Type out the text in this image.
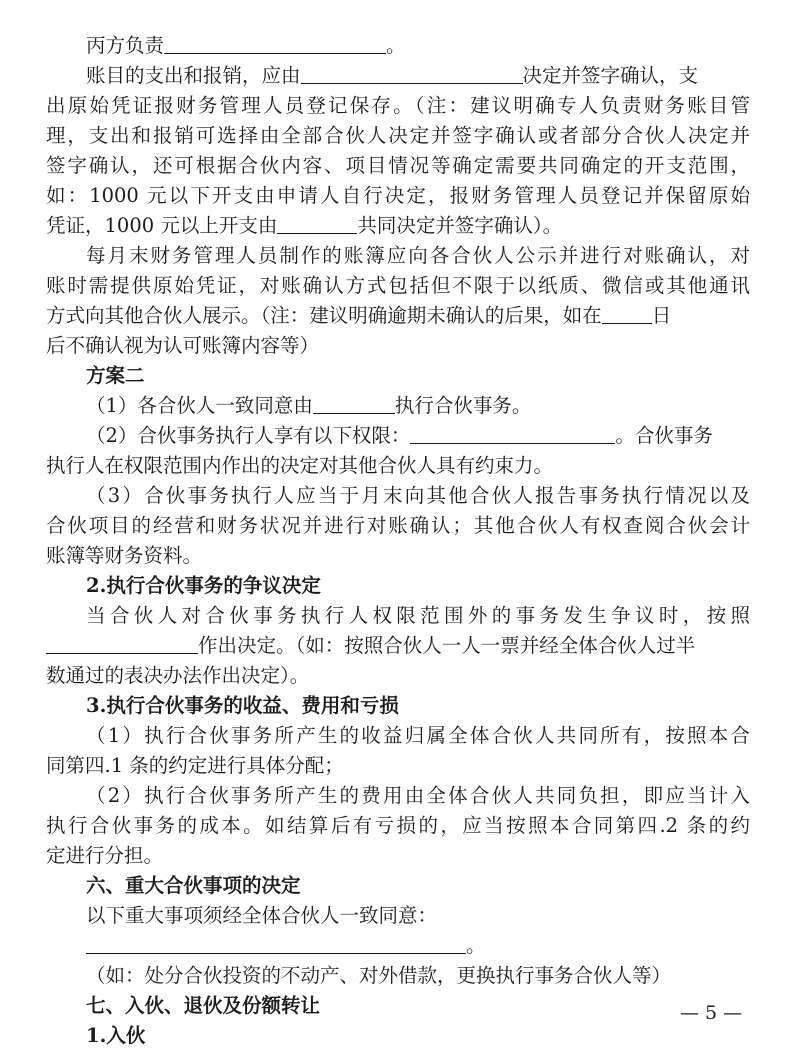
丙方负责	。
账目的支出和报销，应由	决定并签字确认，支
出原始凭证报财务管理人员登记保存。（注：建议明确专人负责财务账目管
理，支出和报销可选择由全部合伙人决定并签字确认或者部分合伙人决定并
签字确认，还可根据合伙内容、项目情况等确定需要共同确定的开支范围，
如：1000 元以下开支由申请人自行决定，报财务管理人员登记并保留原始
凭证，1000 元以上开支由	共同决定并签字确认）。
每月末财务管理人员制作的账簿应向各合伙人公示并进行对账确认，对
账时需提供原始凭证，对账确认方式包括但不限于以纸质、微信或其他通讯
方式向其他合伙人展示。（注：建议明确逾期未确认的后果，如在	日
后不确认视为认可账簿内容等）
方案二
（1）各合伙人一致同意由	执行合伙事务。
（2）合伙事务执行人享有以下权限：	。合伙事务
执行人在权限范围内作出的决定对其他合伙人具有约束力。
（3）合伙事务执行人应当于月末向其他合伙人报告事务执行情况以及
合伙项目的经营和财务状况并进行对账确认；其他合伙人有权查阅合伙会计
账簿等财务资料。
2.执行合伙事务的争议决定
当合伙人对合伙事务执行人权限范围外的事务发生争议时，按照
作出决定。（如：按照合伙人一人一票并经全体合伙人过半
数通过的表决办法作出决定）。
3.执行合伙事务的收益、费用和亏损
（1）执行合伙事务所产生的收益归属全体合伙人共同所有，按照本合
同第四.1 条的约定进行具体分配；
（2）执行合伙事务所产生的费用由全体合伙人共同负担，即应当计入
执行合伙事务的成本。如结算后有亏损的，应当按照本合同第四.2 条的约
定进行分担。
六、重大合伙事项的决定
以下重大事项须经全体合伙人一致同意：
。
（如：处分合伙投资的不动产、对外借款，更换执行事务合伙人等）
七、入伙、退伙及份额转让
1.入伙
— 5 —
